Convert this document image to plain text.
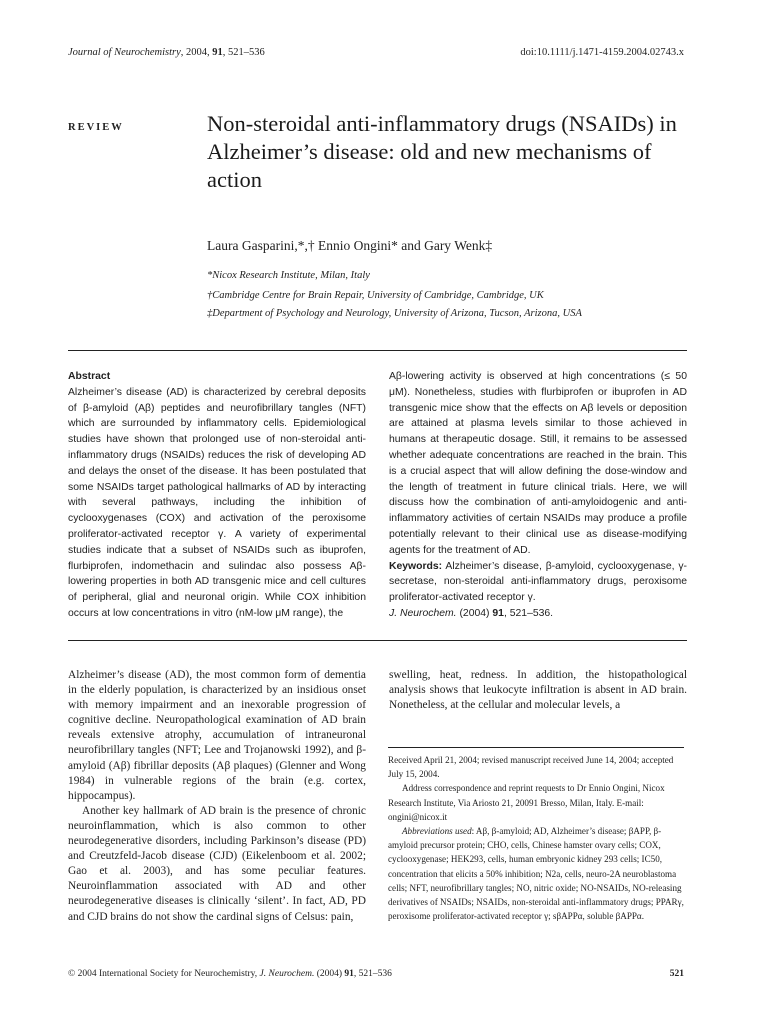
Journal of Neurochemistry, 2004, 91, 521–536	doi:10.1111/j.1471-4159.2004.02743.x
REVIEW	Non-steroidal anti-inflammatory drugs (NSAIDs) in Alzheimer’s disease: old and new mechanisms of action
Laura Gasparini,*,† Ennio Ongini* and Gary Wenk‡
*Nicox Research Institute, Milan, Italy
†Cambridge Centre for Brain Repair, University of Cambridge, Cambridge, UK
‡Department of Psychology and Neurology, University of Arizona, Tucson, Arizona, USA

Abstract

Alzheimer’s disease (AD) is characterized by cerebral deposits of β-amyloid (Aβ) peptides and neurofibrillary tangles (NFT) which are surrounded by inflammatory cells. Epidemiological studies have shown that prolonged use of non-steroidal anti-inflammatory drugs (NSAIDs) reduces the risk of developing AD and delays the onset of the disease. It has been postulated that some NSAIDs target pathological hallmarks of AD by interacting with several pathways, including the inhibition of cyclooxygenases (COX) and activation of the peroxisome proliferator-activated receptor γ. A variety of experimental studies indicate that a subset of NSAIDs such as ibuprofen, flurbiprofen, indomethacin and sulindac also possess Aβ-lowering properties in both AD transgenic mice and cell cultures of peripheral, glial and neuronal origin. While COX inhibition occurs at low concentrations in vitro (nM-low μM range), the

Aβ-lowering activity is observed at high concentrations (≤ 50 μM). Nonetheless, studies with flurbiprofen or ibuprofen in AD transgenic mice show that the effects on Aβ levels or deposition are attained at plasma levels similar to those achieved in humans at therapeutic dosage. Still, it remains to be assessed whether adequate concentrations are reached in the brain. This is a crucial aspect that will allow defining the dose-window and the length of treatment in future clinical trials. Here, we will discuss how the combination of anti-amyloidogenic and anti-inflammatory activities of certain NSAIDs may produce a profile potentially relevant to their clinical use as disease-modifying agents for the treatment of AD.

Keywords: Alzheimer’s disease, β-amyloid, cyclooxygenase, γ-secretase, non-steroidal anti-inflammatory drugs, peroxisome proliferator-activated receptor γ.

J. Neurochem. (2004) 91, 521–536.

Alzheimer’s disease (AD), the most common form of dementia in the elderly population, is characterized by an insidious onset with memory impairment and an inexorable progression of cognitive decline. Neuropathological examination of AD brain reveals extensive atrophy, accumulation of intraneuronal neurofibrillary tangles (NFT; Lee and Trojanowski 1992), and β-amyloid (Aβ) fibrillar deposits (Aβ plaques) (Glenner and Wong 1984) in vulnerable regions of the brain (e.g. cortex, hippocampus).

Another key hallmark of AD brain is the presence of chronic neuroinflammation, which is also common to other neurodegenerative disorders, including Parkinson’s disease (PD) and Creutzfeld-Jacob disease (CJD) (Eikelenboom et al. 2002; Gao et al. 2003), and has some peculiar features. Neuroinflammation associated with AD and other neurodegenerative diseases is clinically ‘silent’. In fact, AD, PD and CJD brains do not show the cardinal signs of Celsus: pain,

swelling, heat, redness. In addition, the histopathological analysis shows that leukocyte infiltration is absent in AD brain. Nonetheless, at the cellular and molecular levels, a

Received April 21, 2004; revised manuscript received June 14, 2004; accepted July 15, 2004.

Address correspondence and reprint requests to Dr Ennio Ongini, Nicox Research Institute, Via Ariosto 21, 20091 Bresso, Milan, Italy. E-mail: ongini@nicox.it

Abbreviations used: Aβ, β-amyloid; AD, Alzheimer’s disease; βAPP, β-amyloid precursor protein; CHO, cells, Chinese hamster ovary cells; COX, cyclooxygenase; HEK293, cells, human embryonic kidney 293 cells; IC50, concentration that elicits a 50% inhibition; N2a, cells, neuro-2A neuroblastoma cells; NFT, neurofibrillary tangles; NO, nitric oxide; NO-NSAIDs, NO-releasing derivatives of NSAIDs; NSAIDs, non-steroidal anti-inflammatory drugs; PPARγ, peroxisome proliferator-activated receptor γ; sβAPPα, soluble βAPPα.

© 2004 International Society for Neurochemistry, J. Neurochem. (2004) 91, 521–536	521
